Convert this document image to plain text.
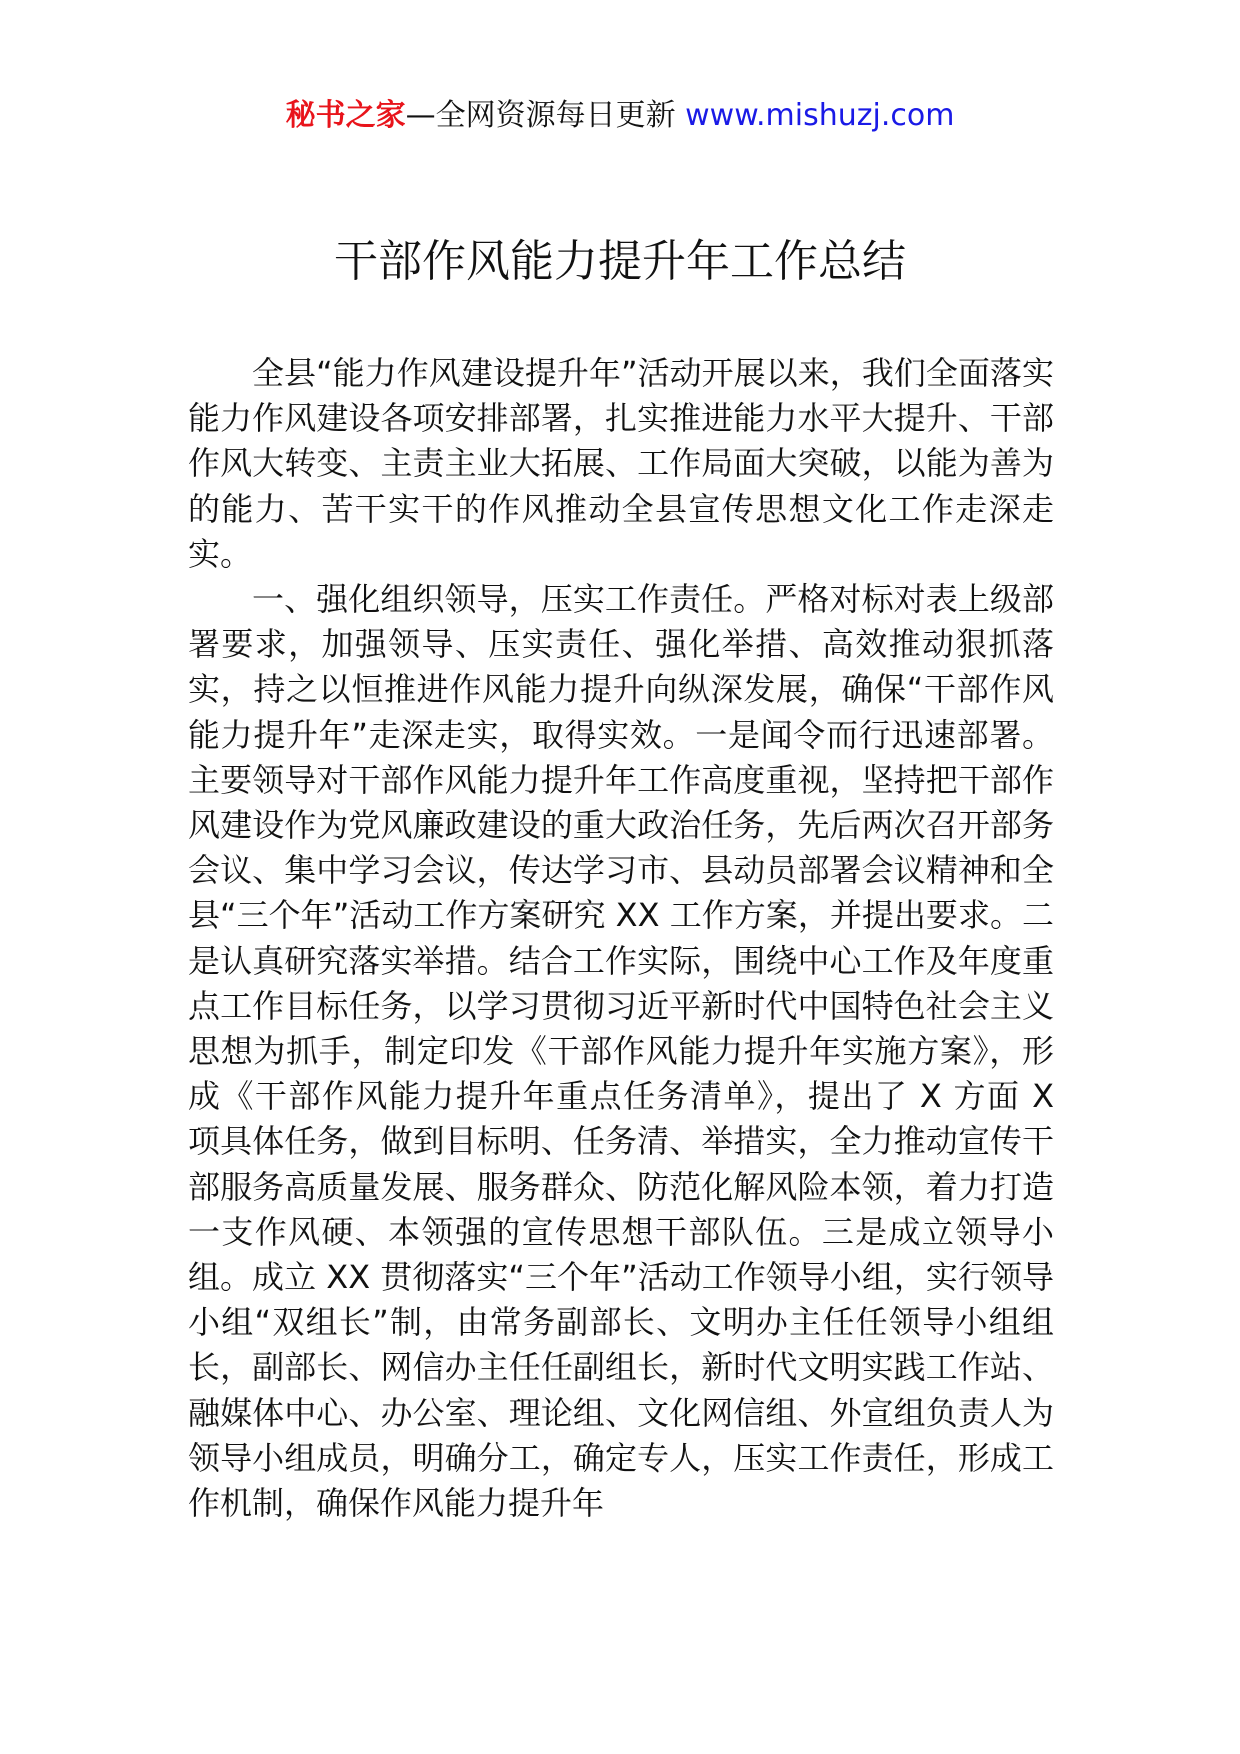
秘书之家—全网资源每日更新 www.mishuzj.com
干部作风能力提升年工作总结

全县“能力作风建设提升年”活动开展以来，我们全面落实能力作风建设各项安排部署，扎实推进能力水平大提升、干部作风大转变、主责主业大拓展、工作局面大突破，以能为善为的能力、苦干实干的作风推动全县宣传思想文化工作走深走实。

一、强化组织领导，压实工作责任。严格对标对表上级部署要求，加强领导、压实责任、强化举措、高效推动狠抓落实，持之以恒推进作风能力提升向纵深发展，确保“干部作风能力提升年”走深走实，取得实效。一是闻令而行迅速部署。主要领导对干部作风能力提升年工作高度重视，坚持把干部作风建设作为党风廉政建设的重大政治任务，先后两次召开部务会议、集中学习会议，传达学习市、县动员部署会议精神和全县“三个年”活动工作方案研究 XX 工作方案，并提出要求。二是认真研究落实举措。结合工作实际，围绕中心工作及年度重点工作目标任务，以学习贯彻习近平新时代中国特色社会主义思想为抓手，制定印发《干部作风能力提升年实施方案》，形成《干部作风能力提升年重点任务清单》，提出了 X 方面 X 项具体任务，做到目标明、任务清、举措实，全力推动宣传干部服务高质量发展、服务群众、防范化解风险本领，着力打造一支作风硬、本领强的宣传思想干部队伍。三是成立领导小组。成立 XX 贯彻落实“三个年”活动工作领导小组，实行领导小组“双组长”制，由常务副部长、文明办主任任领导小组组长，副部长、网信办主任任副组长，新时代文明实践工作站、融媒体中心、办公室、理论组、文化网信组、外宣组负责人为领导小组成员，明确分工，确定专人，压实工作责任，形成工作机制，确保作风能力提升年
